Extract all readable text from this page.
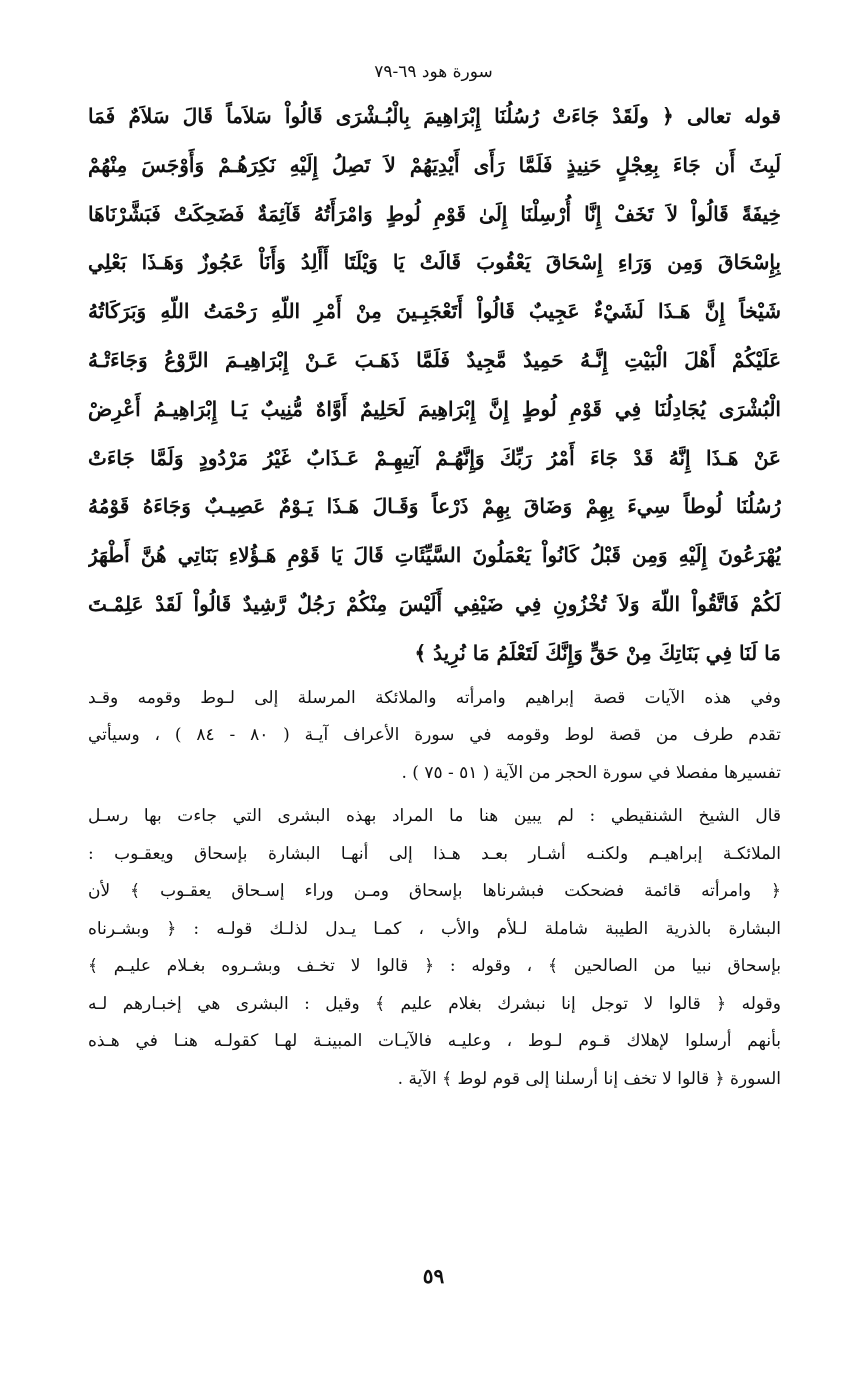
سورة هود ٦٩-٧٩
قوله تعالى ﴿ ولَقَدْ جَاءَتْ رُسُلُنَا إِبْرَاهِيمَ بِالْبُـشْرَى قَالُواْ سَلاَماً قَالَ سَلاَمٌ فَمَا
لَبِثَ أَن جَاءَ بِعِجْلٍ حَنِيذٍ فَلَمَّا رَأَى أَيْدِيَهُمْ لاَ تَصِلُ إِلَيْهِ نَكِرَهُـمْ وَأَوْجَسَ مِنْهُمْ
خِيفَةً قَالُواْ لاَ تَخَفْ إِنَّا أُرْسِلْنَا إِلَىٰ قَوْمِ لُوطٍ وَامْرَأَتُهُ قَآئِمَةٌ فَضَحِكَتْ فَبَشَّرْنَاهَا
بِإِسْحَاقَ وَمِن وَرَاءِ إِسْحَاقَ يَعْقُوبَ قَالَتْ يَا وَيْلَتَا أَأَلِدُ وَأَنَاْ عَجُوزٌ وَهَـذَا بَعْلِي
شَيْخاً إِنَّ هَـذَا لَشَيْءٌ عَجِيبٌ قَالُواْ أَتَعْجَبِـينَ مِنْ أَمْرِ اللّهِ رَحْمَتُ اللّهِ وَبَرَكَاتُهُ
عَلَيْكُمْ أَهْلَ الْبَيْتِ إِنَّـهُ حَمِيدٌ مَّجِيدٌ فَلَمَّا ذَهَـبَ عَـنْ إِبْرَاهِيـمَ الرَّوْعُ وَجَاءَتْـهُ
الْبُشْرَى يُجَادِلُنَا فِي قَوْمِ لُوطٍ إِنَّ إِبْرَاهِيمَ لَحَلِيمٌ أَوَّاهٌ مُّنِيبٌ يَـا إِبْرَاهِيـمُ أَعْرِضْ
عَنْ هَـذَا إِنَّهُ قَدْ جَاءَ أَمْرُ رَبِّكَ وَإِنَّهُـمْ آتِيهِـمْ عَـذَابٌ غَيْرُ مَرْدُودٍ وَلَمَّا جَاءَتْ
رُسُلُنَا لُوطاً سِيءَ بِهِمْ وَضَاقَ بِهِمْ ذَرْعاً وَقَـالَ هَـذَا يَـوْمٌ عَصِيـبٌ وَجَاءَهُ قَوْمُهُ
يُهْرَعُونَ إِلَيْهِ وَمِن قَبْلُ كَانُواْ يَعْمَلُونَ السَّيِّئَاتِ قَالَ يَا قَوْمِ هَـؤُلاءِ بَنَاتِي هُنَّ أَطْهَرُ
لَكُمْ فَاتَّقُواْ اللّهَ وَلاَ تُخْزُونِ فِي ضَيْفِي أَلَيْسَ مِنْكُمْ رَجُلٌ رَّشِيدٌ قَالُواْ لَقَدْ عَلِمْـتَ
مَا لَنَا فِي بَنَاتِكَ مِنْ حَقٍّ وَإِنَّكَ لَتَعْلَمُ مَا نُرِيدُ ﴾
وفي هذه الآيات قصة إبراهيم وامرأته والملائكة المرسلة إلى لـوط وقومه وقـد
تقدم طرف من قصة لوط وقومه في سورة الأعراف آيـة ( ٨٠ - ٨٤ ) ، وسيأتي
تفسيرها مفصلا في سورة الحجر من الآية ( ٥١ - ٧٥ ) .
قال الشيخ الشنقيطي : لم يبين هنا ما المراد بهذه البشرى التي جاءت بها رسـل
الملائكـة إبراهيـم ولكنـه أشـار بعـد هـذا إلى أنهـا البشارة بإسحاق ويعقـوب :
﴿ وامرأته قائمة فضحكت فبشرناها بإسحاق ومـن وراء إسـحاق يعقـوب ﴾ لأن
البشارة بالذرية الطيبة شاملة لـلأم والأب ، كمـا يـدل لذلـك قولـه : ﴿ وبشـرناه
بإسحاق نبيا من الصالحين ﴾ ، وقوله : ﴿ قالوا لا تخـف وبشـروه بغـلام عليـم ﴾
وقوله ﴿ قالوا لا توجل إنا نبشرك بغلام عليم ﴾ وقيل : البشرى هي إخبـارهم لـه
بأنهم أرسلوا لإهلاك قـوم لـوط ، وعليـه فالآيـات المبينـة لهـا كقولـه هنـا في هـذه
السورة ﴿ قالوا لا تخف إنا أرسلنا إلى قوم لوط ﴾ الآية .
٥٩
